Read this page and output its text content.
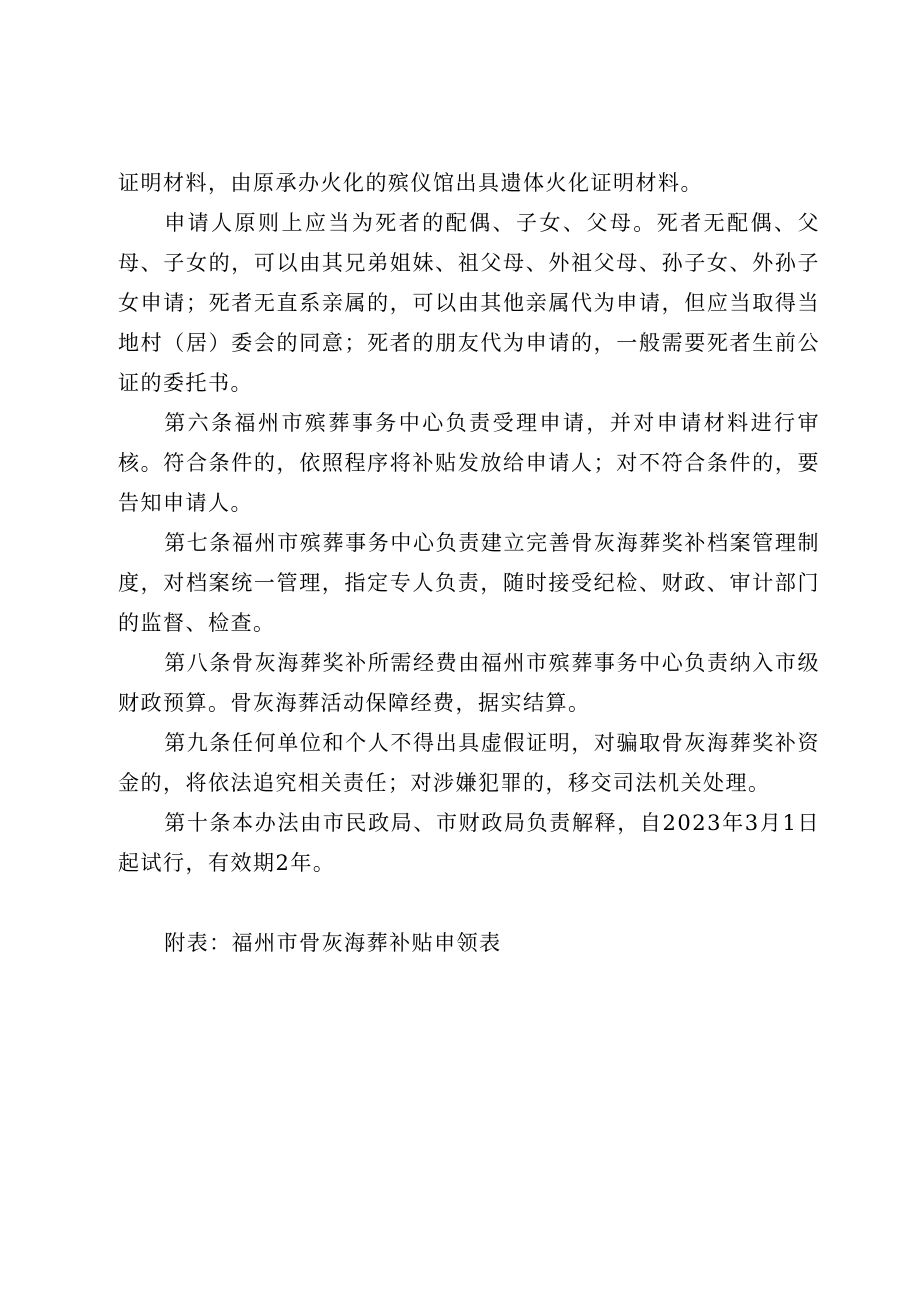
证明材料，由原承办火化的殡仪馆出具遗体火化证明材料。

申请人原则上应当为死者的配偶、子女、父母。死者无配偶、父母、子女的，可以由其兄弟姐妹、祖父母、外祖父母、孙子女、外孙子女申请；死者无直系亲属的，可以由其他亲属代为申请，但应当取得当地村（居）委会的同意；死者的朋友代为申请的，一般需要死者生前公证的委托书。

第六条福州市殡葬事务中心负责受理申请，并对申请材料进行审核。符合条件的，依照程序将补贴发放给申请人；对不符合条件的，要告知申请人。

第七条福州市殡葬事务中心负责建立完善骨灰海葬奖补档案管理制度，对档案统一管理，指定专人负责，随时接受纪检、财政、审计部门的监督、检查。

第八条骨灰海葬奖补所需经费由福州市殡葬事务中心负责纳入市级财政预算。骨灰海葬活动保障经费，据实结算。

第九条任何单位和个人不得出具虚假证明，对骗取骨灰海葬奖补资金的，将依法追究相关责任；对涉嫌犯罪的，移交司法机关处理。

第十条本办法由市民政局、市财政局负责解释，自2023年3月1日起试行，有效期2年。

附表：福州市骨灰海葬补贴申领表
